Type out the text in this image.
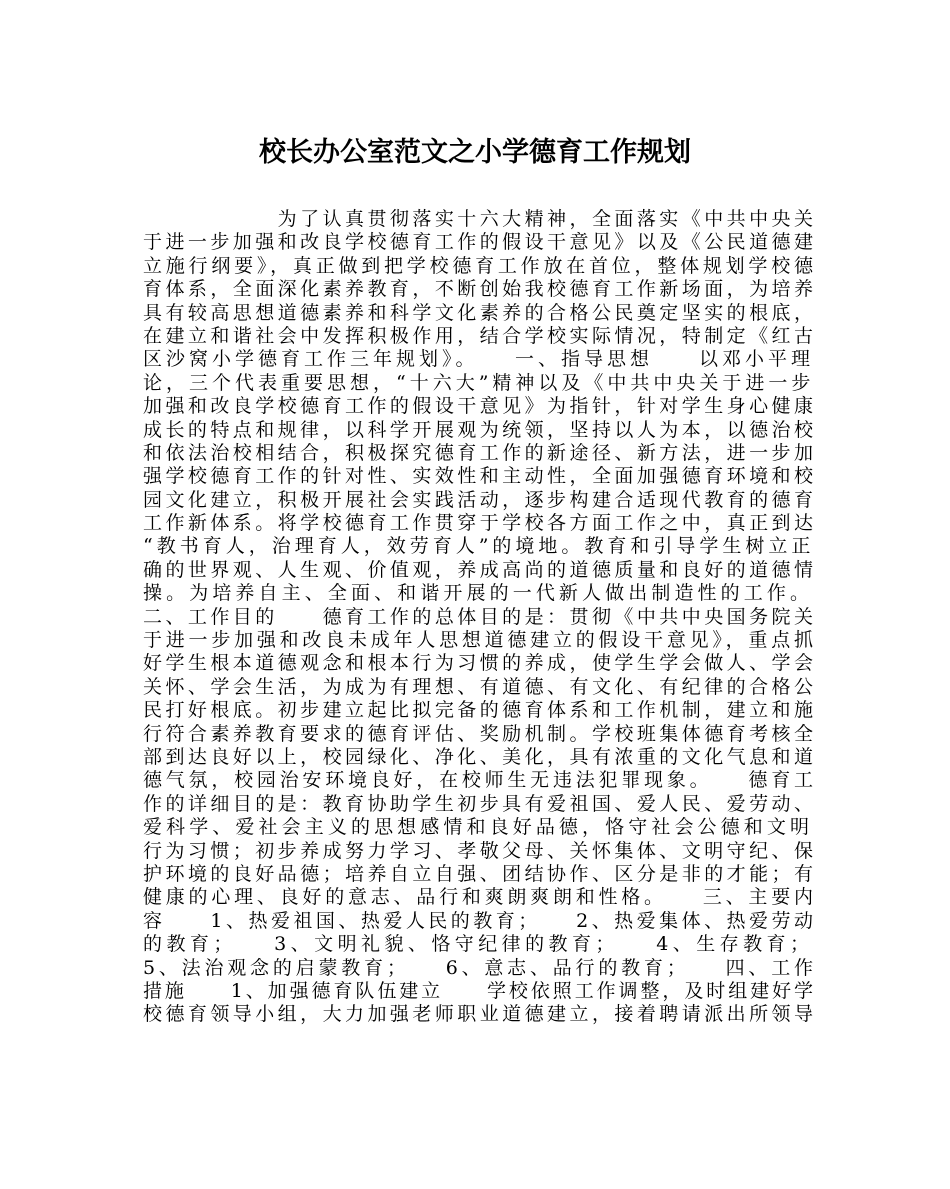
校长办公室范文之小学德育工作规划
　　　　　　为了认真贯彻落实十六大精神，全面落实《中共中央关
于进一步加强和改良学校德育工作的假设干意见》以及《公民道德建
立施行纲要》，真正做到把学校德育工作放在首位，整体规划学校德
育体系，全面深化素养教育，不断创始我校德育工作新场面，为培养
具有较高思想道德素养和科学文化素养的合格公民奠定坚实的根底，
在建立和谐社会中发挥积极作用，结合学校实际情况，特制定《红古
区沙窝小学德育工作三年规划》。　　一、指导思想　　以邓小平理
论，三个代表重要思想，“十六大”精神以及《中共中央关于进一步
加强和改良学校德育工作的假设干意见》为指针，针对学生身心健康
成长的特点和规律，以科学开展观为统领，坚持以人为本，以德治校
和依法治校相结合，积极探究德育工作的新途径、新方法，进一步加
强学校德育工作的针对性、实效性和主动性，全面加强德育环境和校
园文化建立，积极开展社会实践活动，逐步构建合适现代教育的德育
工作新体系。将学校德育工作贯穿于学校各方面工作之中，真正到达
“教书育人，治理育人，效劳育人”的境地。教育和引导学生树立正
确的世界观、人生观、价值观，养成高尚的道德质量和良好的道德情
操。为培养自主、全面、和谐开展的一代新人做出制造性的工作。
二、工作目的　　德育工作的总体目的是：贯彻《中共中央国务院关
于进一步加强和改良未成年人思想道德建立的假设干意见》，重点抓
好学生根本道德观念和根本行为习惯的养成，使学生学会做人、学会
关怀、学会生活，为成为有理想、有道德、有文化、有纪律的合格公
民打好根底。初步建立起比拟完备的德育体系和工作机制，建立和施
行符合素养教育要求的德育评估、奖励机制。学校班集体德育考核全
部到达良好以上，校园绿化、净化、美化，具有浓重的文化气息和道
德气氛，校园治安环境良好，在校师生无违法犯罪现象。　　德育工
作的详细目的是：教育协助学生初步具有爱祖国、爱人民、爱劳动、
爱科学、爱社会主义的思想感情和良好品德，恪守社会公德和文明
行为习惯；初步养成努力学习、孝敬父母、关怀集体、文明守纪、保
护环境的良好品德；培养自立自强、团结协作、区分是非的才能；有
健康的心理、良好的意志、品行和爽朗爽朗和性格。　　三、主要内
容　　1、热爱祖国、热爱人民的教育；　　2、热爱集体、热爱劳动
的教育；　　3、文明礼貌、恪守纪律的教育；　　4、生存教育；
5、法治观念的启蒙教育；　　6、意志、品行的教育；　　四、工作
措施　　1、加强德育队伍建立　　学校依照工作调整，及时组建好学
校德育领导小组，大力加强老师职业道德建立，接着聘请派出所领导
